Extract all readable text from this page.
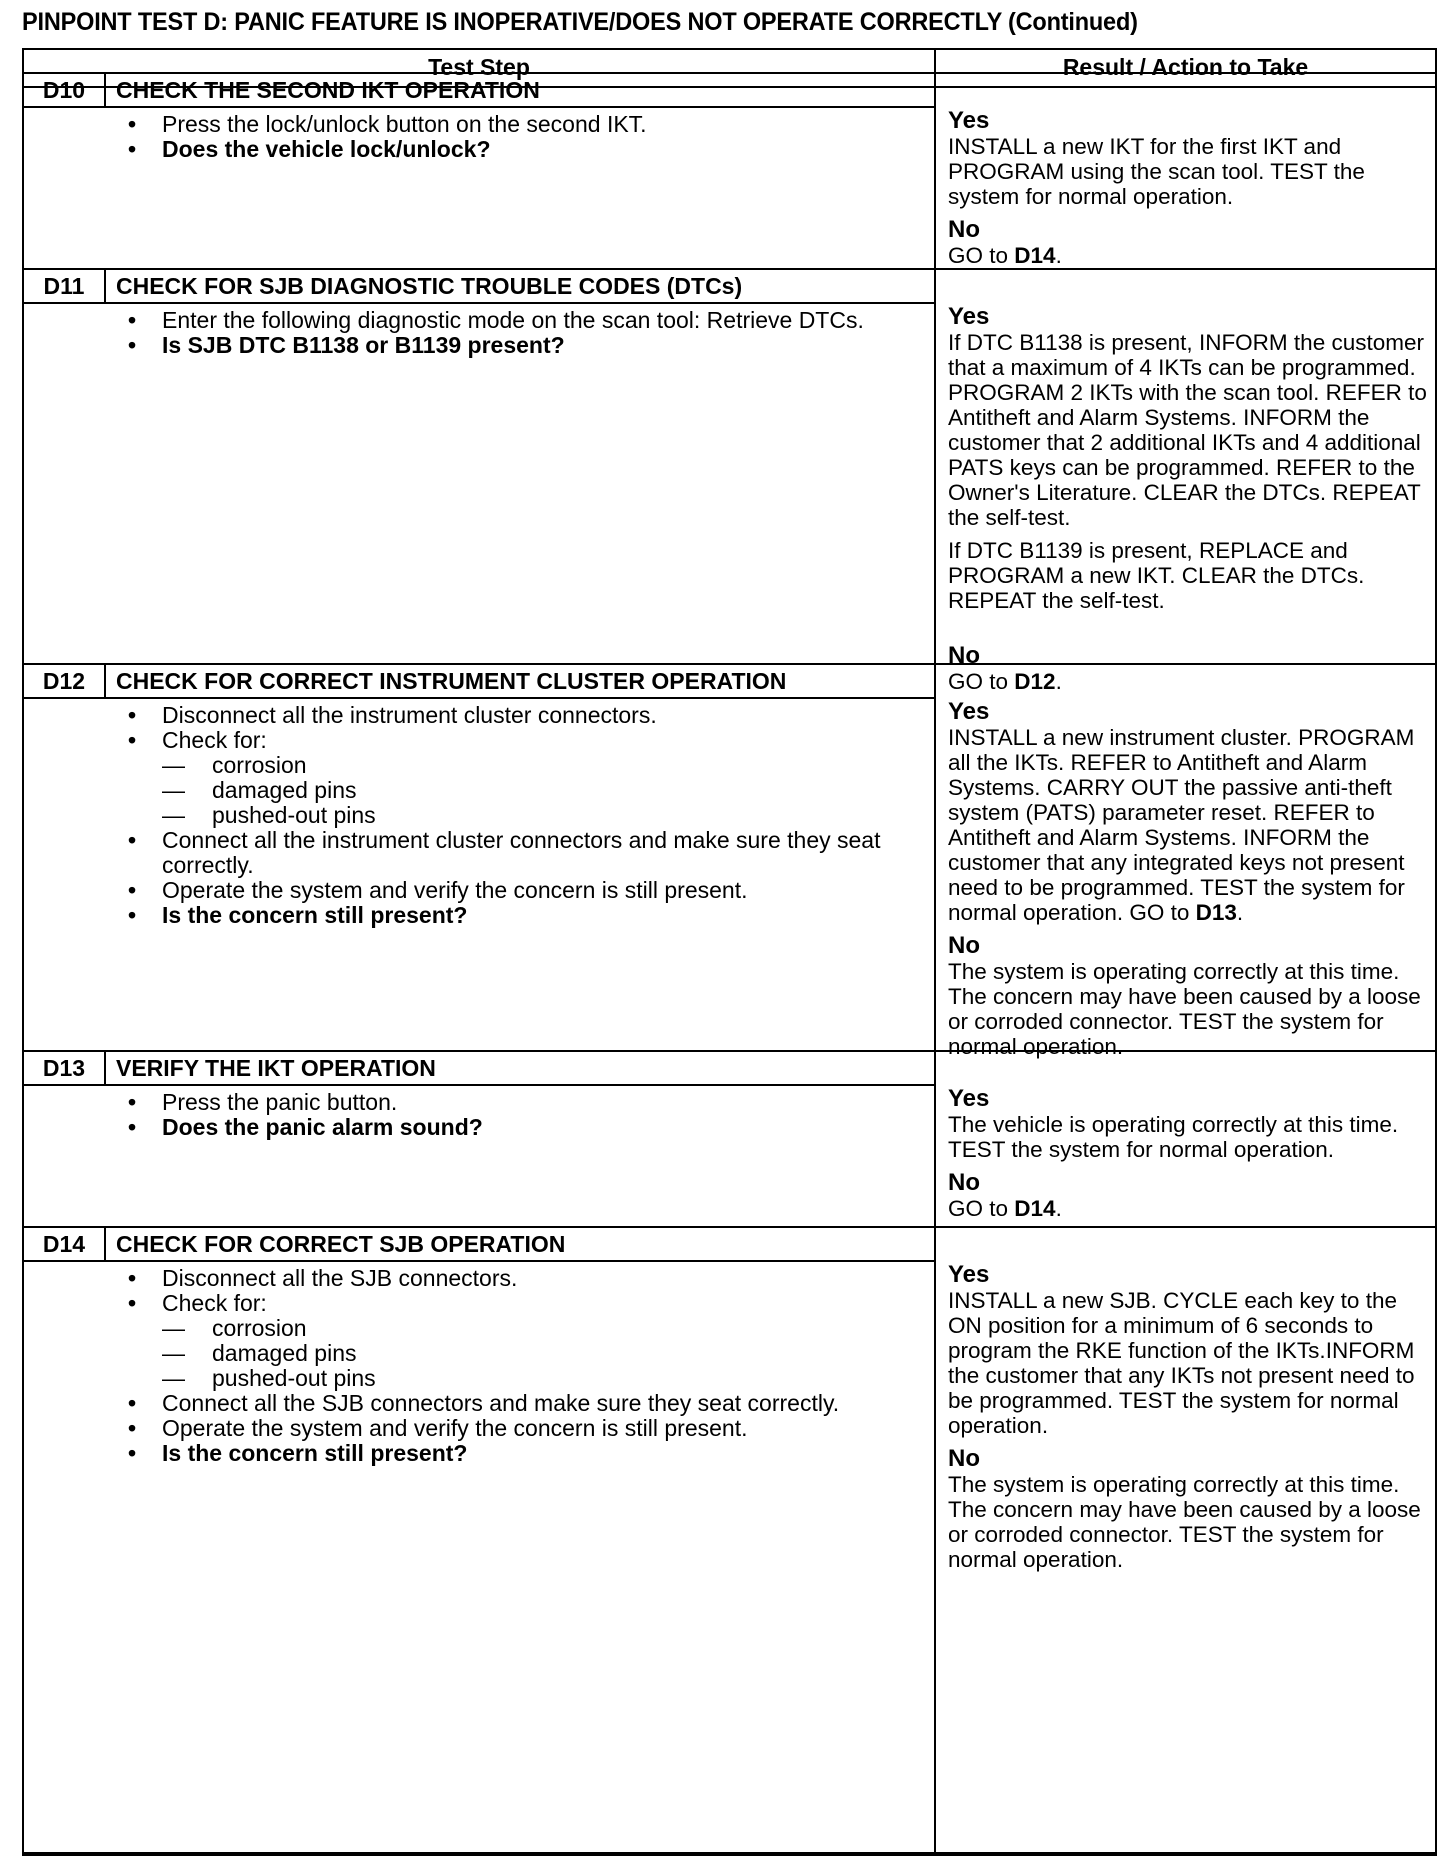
PINPOINT TEST D: PANIC FEATURE IS INOPERATIVE/DOES NOT OPERATE CORRECTLY (Continued)
Test Step	Result / Action to Take
D10	CHECK THE SECOND IKT OPERATION
• Press the lock/unlock button on the second IKT.
• Does the vehicle lock/unlock?
Yes

INSTALL a new IKT for the first IKT and PROGRAM using the scan tool. TEST the system for normal operation.

No

GO to D14.

D11	CHECK FOR SJB DIAGNOSTIC TROUBLE CODES (DTCs)
• Enter the following diagnostic mode on the scan tool: Retrieve DTCs.
• Is SJB DTC B1138 or B1139 present?
Yes

If DTC B1138 is present, INFORM the customer that a maximum of 4 IKTs can be programmed. PROGRAM 2 IKTs with the scan tool. REFER to Antitheft and Alarm Systems. INFORM the customer that 2 additional IKTs and 4 additional PATS keys can be programmed. REFER to the Owner's Literature. CLEAR the DTCs. REPEAT the self-test.

If DTC B1139 is present, REPLACE and PROGRAM a new IKT. CLEAR the DTCs. REPEAT the self-test.

No

GO to D12.

D12	CHECK FOR CORRECT INSTRUMENT CLUSTER OPERATION
• Disconnect all the instrument cluster connectors.
• Check for:
— corrosion
— damaged pins
— pushed-out pins
• Connect all the instrument cluster connectors and make sure they seat correctly.
• Operate the system and verify the concern is still present.
• Is the concern still present?
Yes

INSTALL a new instrument cluster. PROGRAM all the IKTs. REFER to Antitheft and Alarm Systems. CARRY OUT the passive anti-theft system (PATS) parameter reset. REFER to Antitheft and Alarm Systems. INFORM the customer that any integrated keys not present need to be programmed. TEST the system for normal operation. GO to D13.

No

The system is operating correctly at this time. The concern may have been caused by a loose or corroded connector. TEST the system for normal operation.

D13	VERIFY THE IKT OPERATION
• Press the panic button.
• Does the panic alarm sound?
Yes

The vehicle is operating correctly at this time. TEST the system for normal operation.

No

GO to D14.

D14	CHECK FOR CORRECT SJB OPERATION
• Disconnect all the SJB connectors.
• Check for:
— corrosion
— damaged pins
— pushed-out pins
• Connect all the SJB connectors and make sure they seat correctly.
• Operate the system and verify the concern is still present.
• Is the concern still present?
Yes

INSTALL a new SJB. CYCLE each key to the ON position for a minimum of 6 seconds to program the RKE function of the IKTs.INFORM the customer that any IKTs not present need to be programmed. TEST the system for normal operation.

No

The system is operating correctly at this time. The concern may have been caused by a loose or corroded connector. TEST the system for normal operation.
